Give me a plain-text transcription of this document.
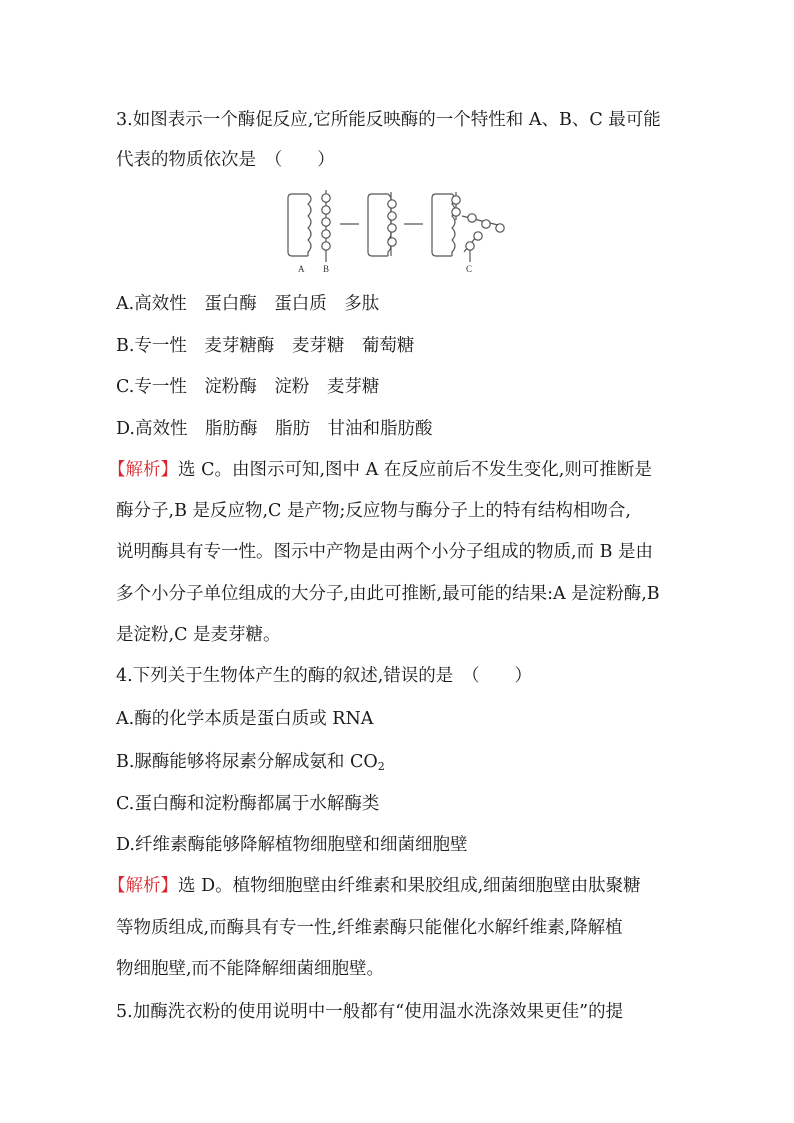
3.如图表示一个酶促反应,它所能反映酶的一个特性和 A、B、C 最可能
代表的物质依次是　（　　）
A B	C
A.高效性　蛋白酶　蛋白质　多肽
B.专一性　麦芽糖酶　麦芽糖　葡萄糖
C.专一性　淀粉酶　淀粉　麦芽糖
D.高效性　脂肪酶　脂肪　甘油和脂肪酸
【解析】选 C。由图示可知,图中 A 在反应前后不发生变化,则可推断是
酶分子,B 是反应物,C 是产物;反应物与酶分子上的特有结构相吻合,
说明酶具有专一性。图示中产物是由两个小分子组成的物质,而 B 是由
多个小分子单位组成的大分子,由此可推断,最可能的结果:A 是淀粉酶,B
是淀粉,C 是麦芽糖。
4.下列关于生物体产生的酶的叙述,错误的是　（　　）
A.酶的化学本质是蛋白质或 RNA
B.脲酶能够将尿素分解成氨和 $CO_2$
C.蛋白酶和淀粉酶都属于水解酶类
D.纤维素酶能够降解植物细胞壁和细菌细胞壁
【解析】选 D。植物细胞壁由纤维素和果胶组成,细菌细胞壁由肽聚糖
等物质组成,而酶具有专一性,纤维素酶只能催化水解纤维素,降解植
物细胞壁,而不能降解细菌细胞壁。
5.加酶洗衣粉的使用说明中一般都有“使用温水洗涤效果更佳”的提
